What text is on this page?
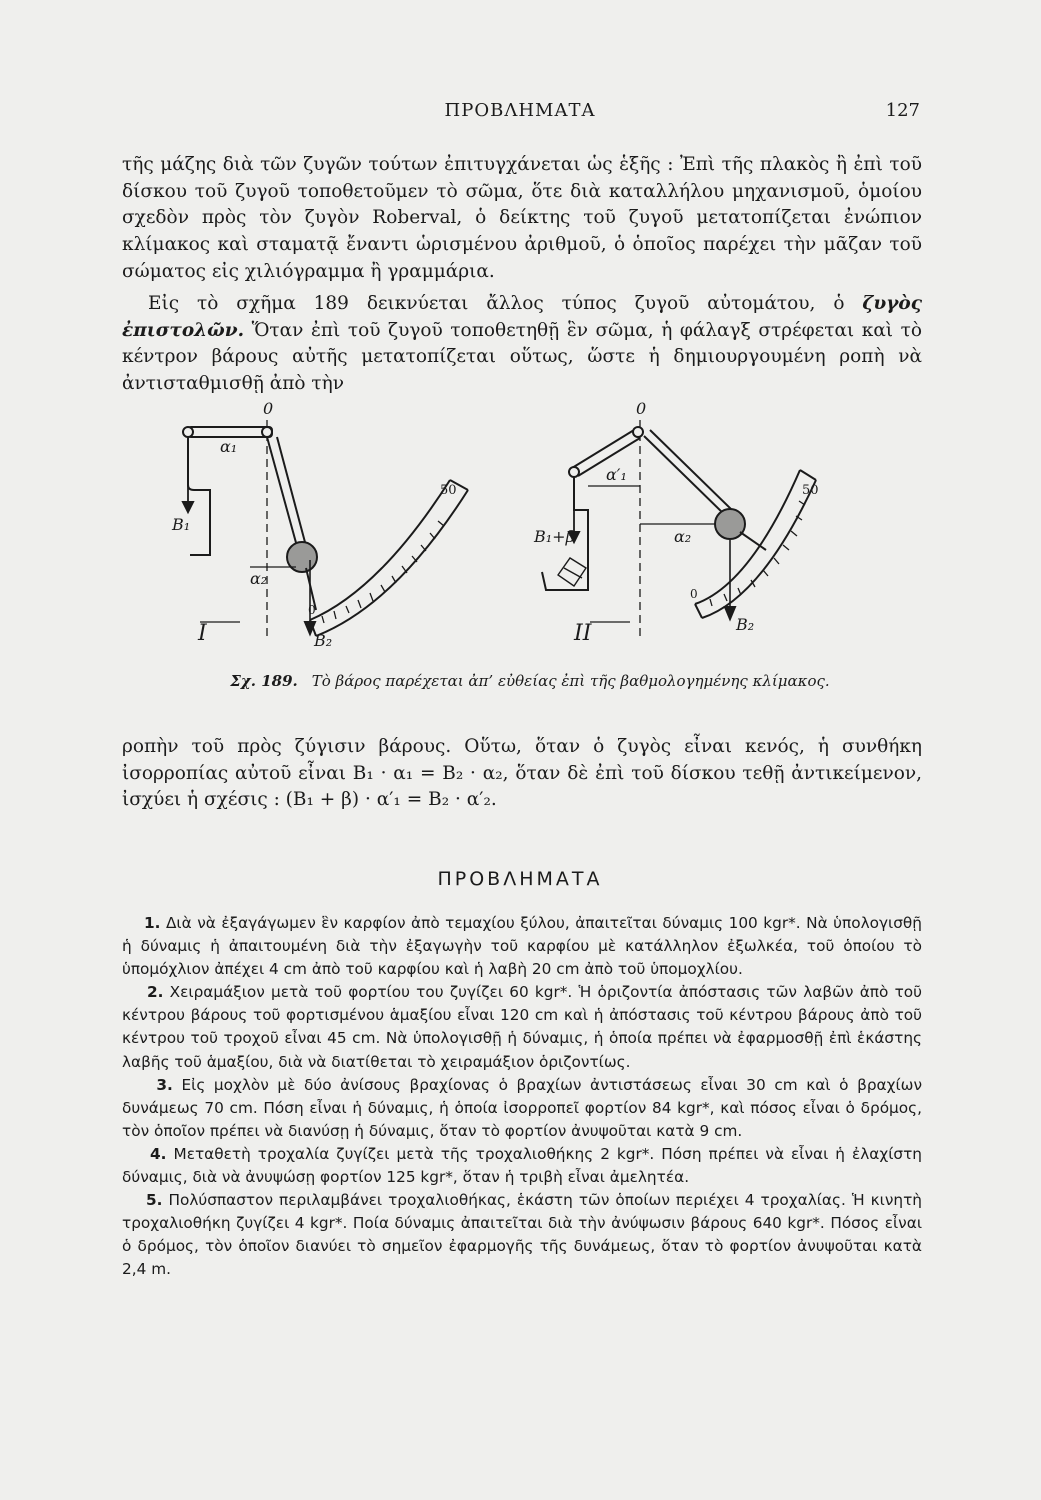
ΠΡΟΒΛΗΜΑΤΑ	127

τῆς μάζης διὰ τῶν ζυγῶν τούτων ἐπιτυγχάνεται ὡς ἑξῆς : Ἐπὶ τῆς πλακὸς ἢ ἐπὶ τοῦ δίσκου τοῦ ζυγοῦ τοποθετοῦμεν τὸ σῶμα, ὅτε διὰ καταλλήλου μηχανισμοῦ, ὁμοίου σχεδὸν πρὸς τὸν ζυγὸν Roberval, ὁ δείκτης τοῦ ζυγοῦ μετατοπίζεται ἐνώπιον κλίμακος καὶ σταματᾷ ἔναντι ὡρισμένου ἀριθμοῦ, ὁ ὁποῖος παρέχει τὴν μᾶζαν τοῦ σώματος εἰς χιλιόγραμμα ἢ γραμμάρια.

Εἰς τὸ σχῆμα 189 δεικνύεται ἄλλος τύπος ζυγοῦ αὐτομάτου, ὁ ζυγὸς ἐπιστολῶν. Ὅταν ἐπὶ τοῦ ζυγοῦ τοποθετηθῇ ἓν σῶμα, ἡ φάλαγξ στρέφεται καὶ τὸ κέντρον βάρους αὐτῆς μετατοπίζεται οὕτως, ὥστε ἡ δημιουργουμένη ροπὴ νὰ ἀντισταθμισθῇ ἀπὸ τὴν

0
α₁
B₁
α₂
B₂
50
0
I
0
α′₁
B₁+β	α₂
B₂
50
0
II
Σχ. 189. Τὸ βάρος παρέχεται ἀπ’ εὐθείας ἐπὶ τῆς βαθμολογημένης κλίμακος.

ροπὴν τοῦ πρὸς ζύγισιν βάρους. Οὕτω, ὅταν ὁ ζυγὸς εἶναι κενός, ἡ συνθήκη ἰσορροπίας αὐτοῦ εἶναι B₁ · α₁ = B₂ · α₂, ὅταν δὲ ἐπὶ τοῦ δίσκου τεθῇ ἀντικείμενον, ἰσχύει ἡ σχέσις : (B₁ + β) · α′₁ = B₂ · α′₂.

ΠΡΟΒΛΗΜΑΤΑ

1. Διὰ νὰ ἐξαγάγωμεν ἓν καρφίον ἀπὸ τεμαχίου ξύλου, ἀπαιτεῖται δύναμις 100 kgr*. Νὰ ὑπολογισθῇ ἡ δύναμις ἡ ἀπαιτουμένη διὰ τὴν ἐξαγωγὴν τοῦ καρφίου μὲ κατάλληλον ἐξωλκέα, τοῦ ὁποίου τὸ ὑπομόχλιον ἀπέχει 4 cm ἀπὸ τοῦ καρφίου καὶ ἡ λαβὴ 20 cm ἀπὸ τοῦ ὑπομοχλίου.

2. Χειραμάξιον μετὰ τοῦ φορτίου του ζυγίζει 60 kgr*. Ἡ ὁριζοντία ἀπόστασις τῶν λαβῶν ἀπὸ τοῦ κέντρου βάρους τοῦ φορτισμένου ἁμαξίου εἶναι 120 cm καὶ ἡ ἀπόστασις τοῦ κέντρου βάρους ἀπὸ τοῦ κέντρου τοῦ τροχοῦ εἶναι 45 cm. Νὰ ὑπολογισθῇ ἡ δύναμις, ἡ ὁποία πρέπει νὰ ἐφαρμοσθῇ ἐπὶ ἑκάστης λαβῆς τοῦ ἁμαξίου, διὰ νὰ διατίθεται τὸ χειραμάξιον ὁριζοντίως.

3. Εἰς μοχλὸν μὲ δύο ἀνίσους βραχίονας ὁ βραχίων ἀντιστάσεως εἶναι 30 cm καὶ ὁ βραχίων δυνάμεως 70 cm. Πόση εἶναι ἡ δύναμις, ἡ ὁποία ἰσορροπεῖ φορτίον 84 kgr*, καὶ πόσος εἶναι ὁ δρόμος, τὸν ὁποῖον πρέπει νὰ διανύσῃ ἡ δύναμις, ὅταν τὸ φορτίον ἀνυψοῦται κατὰ 9 cm.

4. Μεταθετὴ τροχαλία ζυγίζει μετὰ τῆς τροχαλιοθήκης 2 kgr*. Πόση πρέπει νὰ εἶναι ἡ ἐλαχίστη δύναμις, διὰ νὰ ἀνυψώσῃ φορτίον 125 kgr*, ὅταν ἡ τριβὴ εἶναι ἀμελητέα.

5. Πολύσπαστον περιλαμβάνει τροχαλιοθήκας, ἑκάστη τῶν ὁποίων περιέχει 4 τροχαλίας. Ἡ κινητὴ τροχαλιοθήκη ζυγίζει 4 kgr*. Ποία δύναμις ἀπαιτεῖται διὰ τὴν ἀνύψωσιν βάρους 640 kgr*. Πόσος εἶναι ὁ δρόμος, τὸν ὁποῖον διανύει τὸ σημεῖον ἐφαρμογῆς τῆς δυνάμεως, ὅταν τὸ φορτίον ἀνυψοῦται κατὰ 2,4 m.
